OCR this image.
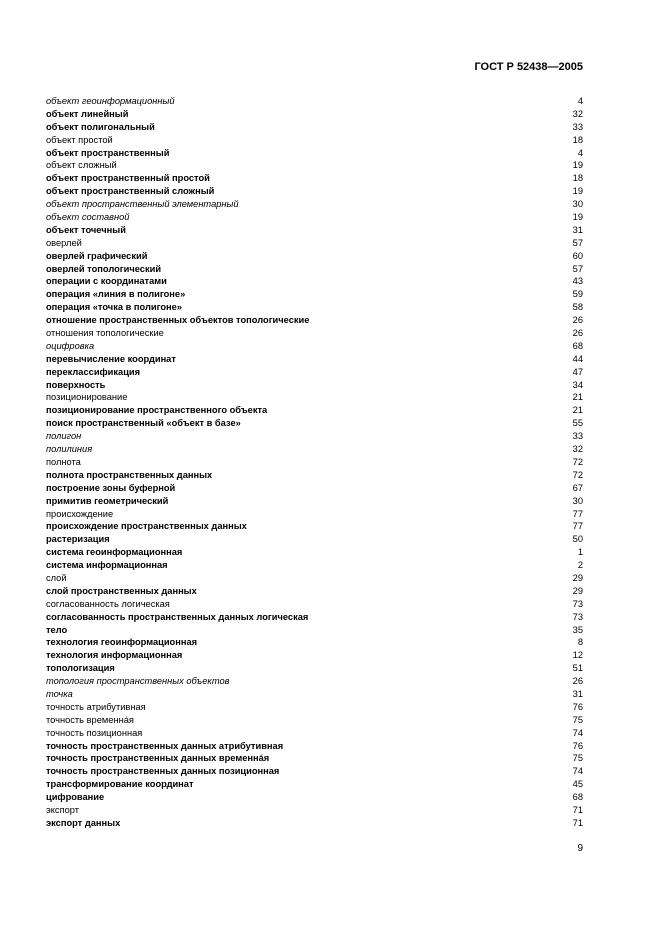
ГОСТ Р 52438—2005
объект геоинформационный	4
объект линейный	32
объект полигональный	33
объект простой	18
объект пространственный	4
объект сложный	19
объект пространственный простой	18
объект пространственный сложный	19
объект пространственный элементарный	30
объект составной	19
объект точечный	31
оверлей	57
оверлей графический	60
оверлей топологический	57
операции с координатами	43
операция «линия в полигоне»	59
операция «точка в полигоне»	58
отношение пространственных объектов топологические	26
отношения топологические	26
оцифровка	68
перевычисление координат	44
переклассификация	47
поверхность	34
позиционирование	21
позиционирование пространственного объекта	21
поиск пространственный «объект в базе»	55
полигон	33
полилиния	32
полнота	72
полнота пространственных данных	72
построение зоны буферной	67
примитив геометрический	30
происхождение	77
происхождение пространственных данных	77
растеризация	50
система геоинформационная	1
система информационная	2
слой	29
слой пространственных данных	29
согласованность логическая	73
согласованность пространственных данных логическая	73
тело	35
технология геоинформационная	8
технология информационная	12
топологизация	51
топология пространственных объектов	26
точка	31
точность атрибутивная	76
точность временнáя	75
точность позиционная	74
точность пространственных данных атрибутивная	76
точность пространственных данных временнáя	75
точность пространственных данных позиционная	74
трансформирование координат	45
цифрование	68
экспорт	71
экспорт данных	71
9
